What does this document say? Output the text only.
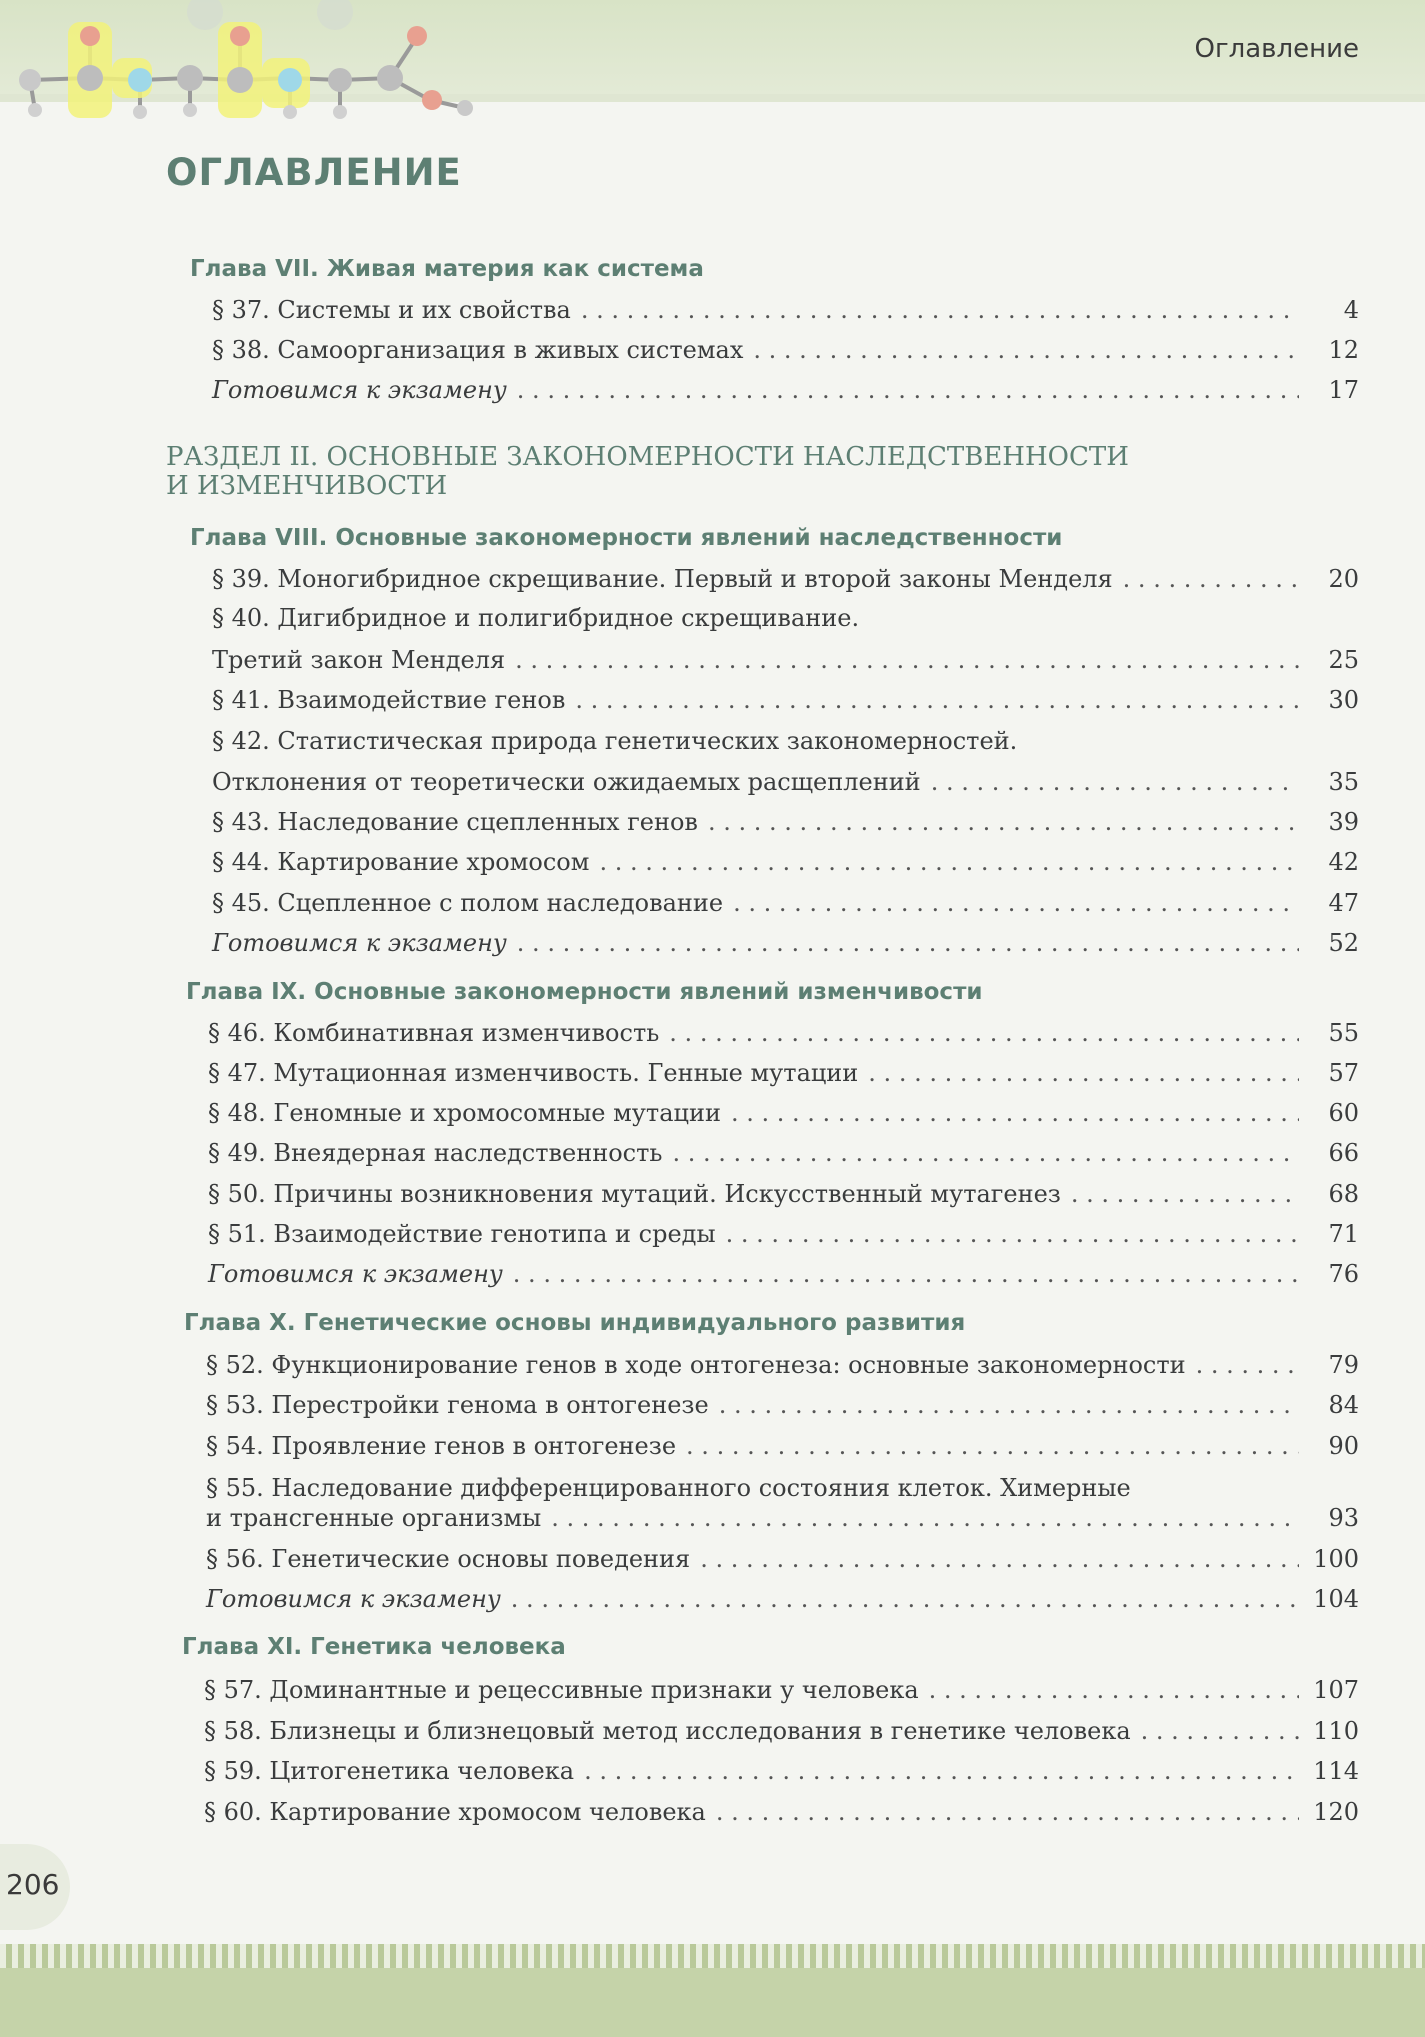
Оглавление
ОГЛАВЛЕНИЕ
Глава VII. Живая материя как система
§ 37. Системы и их свойства . . .	4
§ 38. Самоорганизация в живых системах . . .	12
Готовимся к экзамену . . .	17
РАЗДЕЛ II. ОСНОВНЫЕ ЗАКОНОМЕРНОСТИ НАСЛЕДСТВЕННОСТИ
И ИЗМЕНЧИВОСТИ
Глава VIII. Основные закономерности явлений наследственности
§ 39. Моногибридное скрещивание. Первый и второй законы Менделя . . .	20
§ 40. Дигибридное и полигибридное скрещивание.
Третий закон Менделя . . .	25
§ 41. Взаимодействие генов . . .	30
§ 42. Статистическая природа генетических закономерностей.
Отклонения от теоретически ожидаемых расщеплений . . .	35
§ 43. Наследование сцепленных генов . . .	39
§ 44. Картирование хромосом . . .	42
§ 45. Сцепленное с полом наследование . . .	47
Готовимся к экзамену . . .	52
Глава IX. Основные закономерности явлений изменчивости
§ 46. Комбинативная изменчивость . . .	55
§ 47. Мутационная изменчивость. Генные мутации . . .	57
§ 48. Геномные и хромосомные мутации . . .	60
§ 49. Внеядерная наследственность . . .	66
§ 50. Причины возникновения мутаций. Искусственный мутагенез . . .	68
§ 51. Взаимодействие генотипа и среды . . .	71
Готовимся к экзамену . . .	76
Глава X. Генетические основы индивидуального развития
§ 52. Функционирование генов в ходе онтогенеза: основные закономерности . . .	79
§ 53. Перестройки генома в онтогенезе . . .	84
§ 54. Проявление генов в онтогенезе . . .	90
§ 55. Наследование дифференцированного состояния клеток. Химерные
и трансгенные организмы . . .	93
§ 56. Генетические основы поведения . . .	100
Готовимся к экзамену . . .	104
Глава XI. Генетика человека
§ 57. Доминантные и рецессивные признаки у человека . . .	107
§ 58. Близнецы и близнецовый метод исследования в генетике человека . . .	110
§ 59. Цитогенетика человека . . .	114
§ 60. Картирование хромосом человека . . .	120
206
